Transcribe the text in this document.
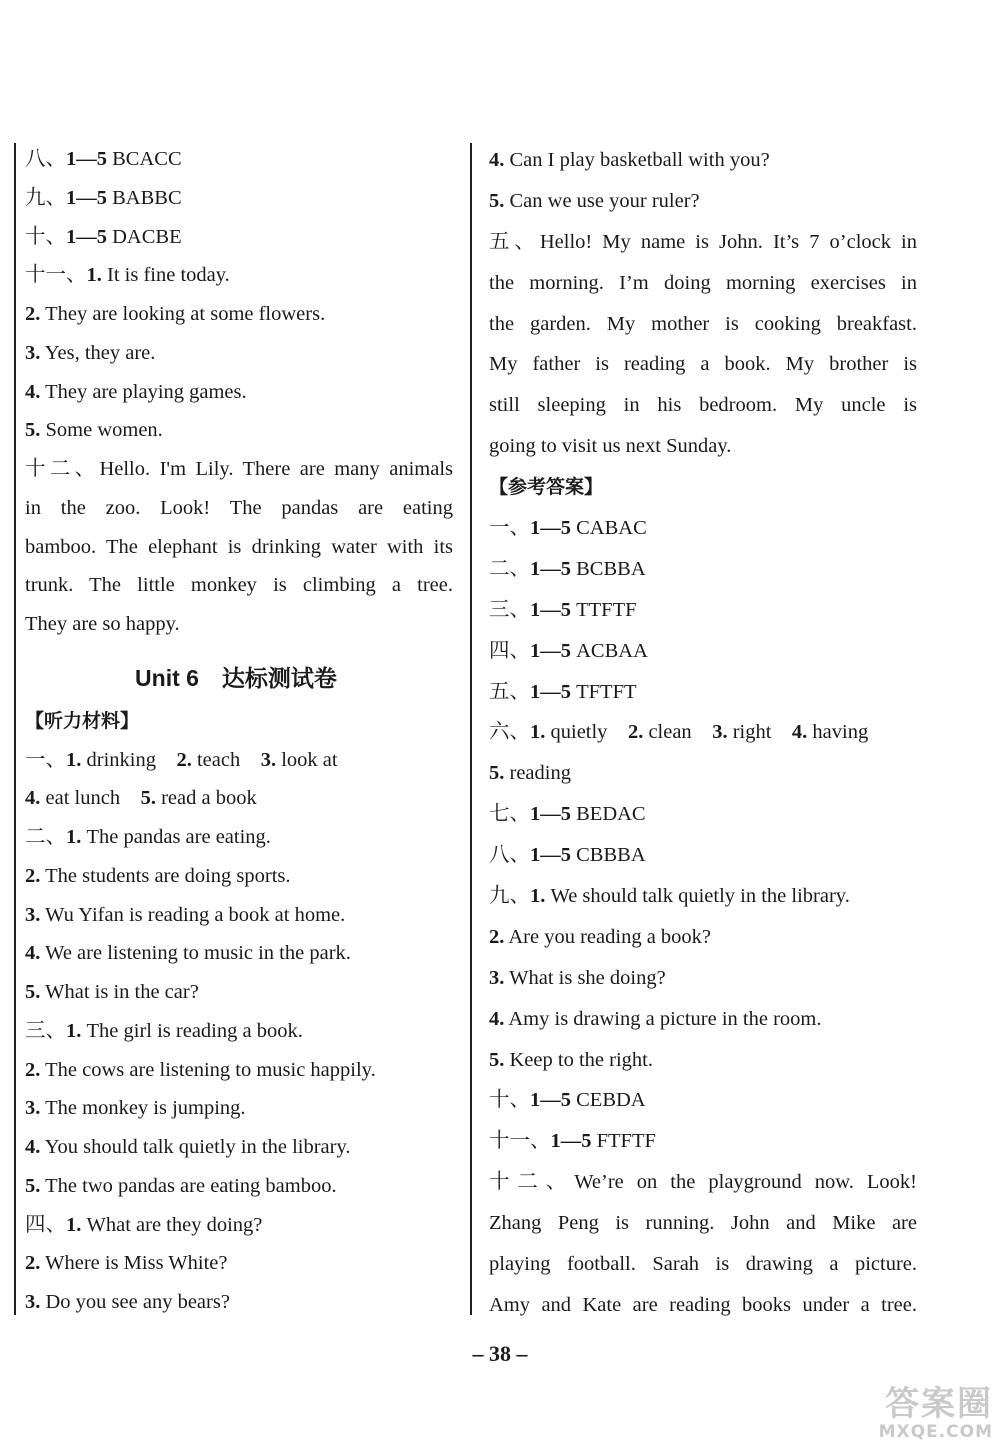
八、1—5 BCACC
九、1—5 BABBC
十、1—5 DACBE
十一、1. It is fine today.
2. They are looking at some flowers.
3. Yes, they are.
4. They are playing games.
5. Some women.
十二、Hello. I'm Lily. There are many animals
in the zoo. Look! The pandas are eating
bamboo. The elephant is drinking water with its
trunk. The little monkey is climbing a tree.
They are so happy.
Unit 6　达标测试卷
【听力材料】
一、1. drinking　2. teach　3. look at
4. eat lunch　5. read a book
二、1. The pandas are eating.
2. The students are doing sports.
3. Wu Yifan is reading a book at home.
4. We are listening to music in the park.
5. What is in the car?
三、1. The girl is reading a book.
2. The cows are listening to music happily.
3. The monkey is jumping.
4. You should talk quietly in the library.
5. The two pandas are eating bamboo.
四、1. What are they doing?
2. Where is Miss White?
3. Do you see any bears?
4. Can I play basketball with you?
5. Can we use your ruler?
五、Hello! My name is John. It’s 7 o’clock in
the morning. I’m doing morning exercises in
the garden. My mother is cooking breakfast.
My father is reading a book. My brother is
still sleeping in his bedroom. My uncle is
going to visit us next Sunday.
【参考答案】
一、1—5 CABAC
二、1—5 BCBBA
三、1—5 TTFTF
四、1—5 ACBAA
五、1—5 TFTFT
六、1. quietly　2. clean　3. right　4. having
5. reading
七、1—5 BEDAC
八、1—5 CBBBA
九、1. We should talk quietly in the library.
2. Are you reading a book?
3. What is she doing?
4. Amy is drawing a picture in the room.
5. Keep to the right.
十、1—5 CEBDA
十一、1—5 FTFTF
十二、We’re on the playground now. Look!
Zhang Peng is running. John and Mike are
playing football. Sarah is drawing a picture.
Amy and Kate are reading books under a tree.
– 38 –
答案圈
MXQE.COM
